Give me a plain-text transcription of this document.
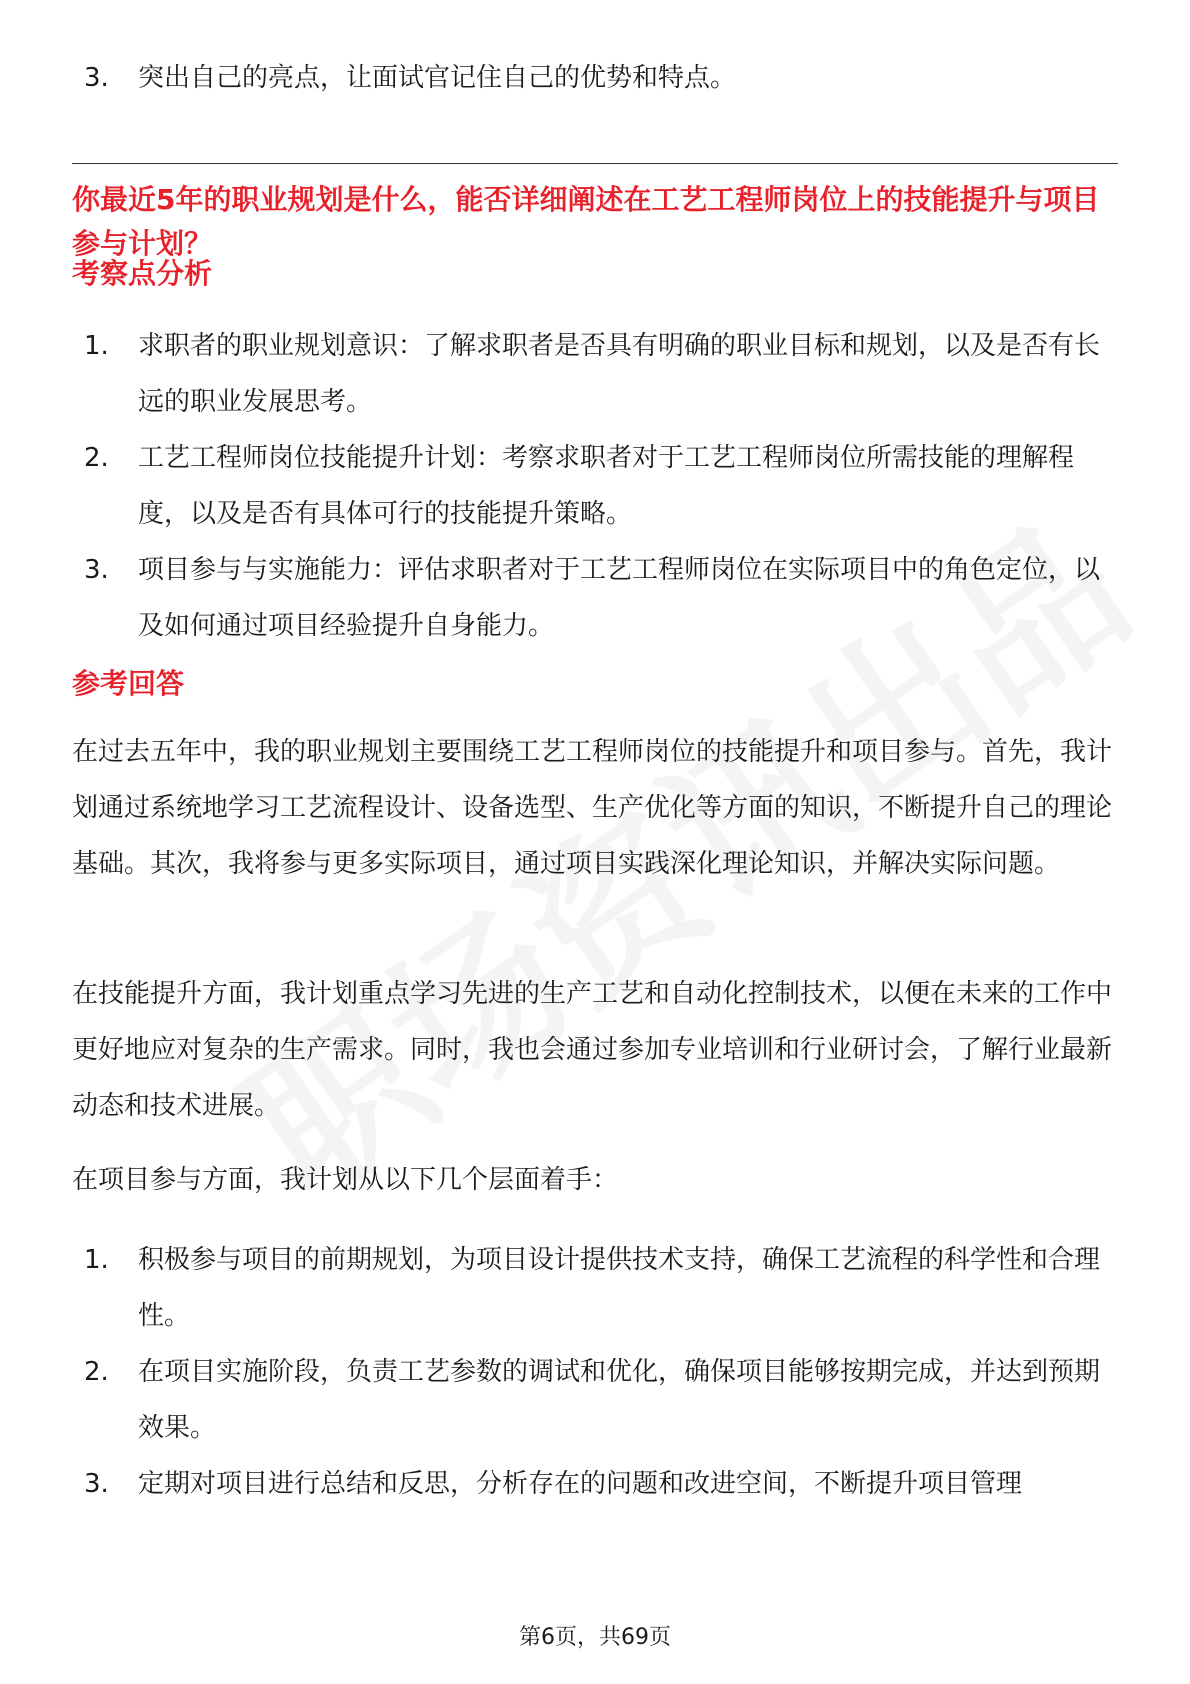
3.	突出自己的亮点，让面试官记住自己的优势和特点。
你最近5年的职业规划是什么，能否详细阐述在工艺工程师岗位上的技能提升与项目参与计划？
考察点分析
1.	求职者的职业规划意识：了解求职者是否具有明确的职业目标和规划，以及是否有长远的职业发展思考。
2.	工艺工程师岗位技能提升计划：考察求职者对于工艺工程师岗位所需技能的理解程度，以及是否有具体可行的技能提升策略。
3.	项目参与与实施能力：评估求职者对于工艺工程师岗位在实际项目中的角色定位，以及如何通过项目经验提升自身能力。
参考回答
在过去五年中，我的职业规划主要围绕工艺工程师岗位的技能提升和项目参与。首先，我计划通过系统地学习工艺流程设计、设备选型、生产优化等方面的知识，不断提升自己的理论基础。其次，我将参与更多实际项目，通过项目实践深化理论知识，并解决实际问题。
在技能提升方面，我计划重点学习先进的生产工艺和自动化控制技术，以便在未来的工作中更好地应对复杂的生产需求。同时，我也会通过参加专业培训和行业研讨会，了解行业最新动态和技术进展。
在项目参与方面，我计划从以下几个层面着手：
1.	积极参与项目的前期规划，为项目设计提供技术支持，确保工艺流程的科学性和合理性。
2.	在项目实施阶段，负责工艺参数的调试和优化，确保项目能够按期完成，并达到预期效果。
3.	定期对项目进行总结和反思，分析存在的问题和改进空间，不断提升项目管理
第6页，共69页
